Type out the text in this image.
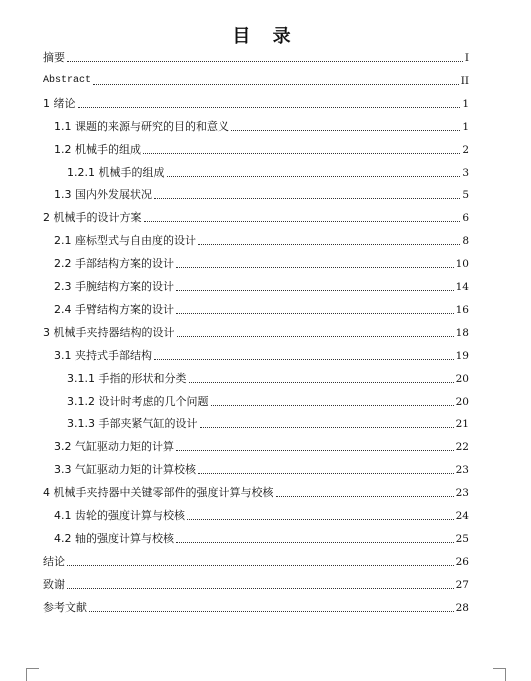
目 录
摘要	I
Abstract	II
1 绪论	1
1.1 课题的来源与研究的目的和意义	1
1.2 机械手的组成	2
1.2.1 机械手的组成	3
1.3 国内外发展状况	5
2 机械手的设计方案	6
2.1 座标型式与自由度的设计	8
2.2 手部结构方案的设计	10
2.3 手腕结构方案的设计	14
2.4 手臂结构方案的设计	16
3 机械手夹持器结构的设计	18
3.1 夹持式手部结构	19
3.1.1 手指的形状和分类	20
3.1.2 设计时考虑的几个问题	20
3.1.3 手部夹紧气缸的设计	21
3.2 气缸驱动力矩的计算	22
3.3 气缸驱动力矩的计算校核	23
4 机械手夹持器中关键零部件的强度计算与校核	23
4.1 齿轮的强度计算与校核	24
4.2 轴的强度计算与校核	25
结论	26
致谢	27
参考文献	28
